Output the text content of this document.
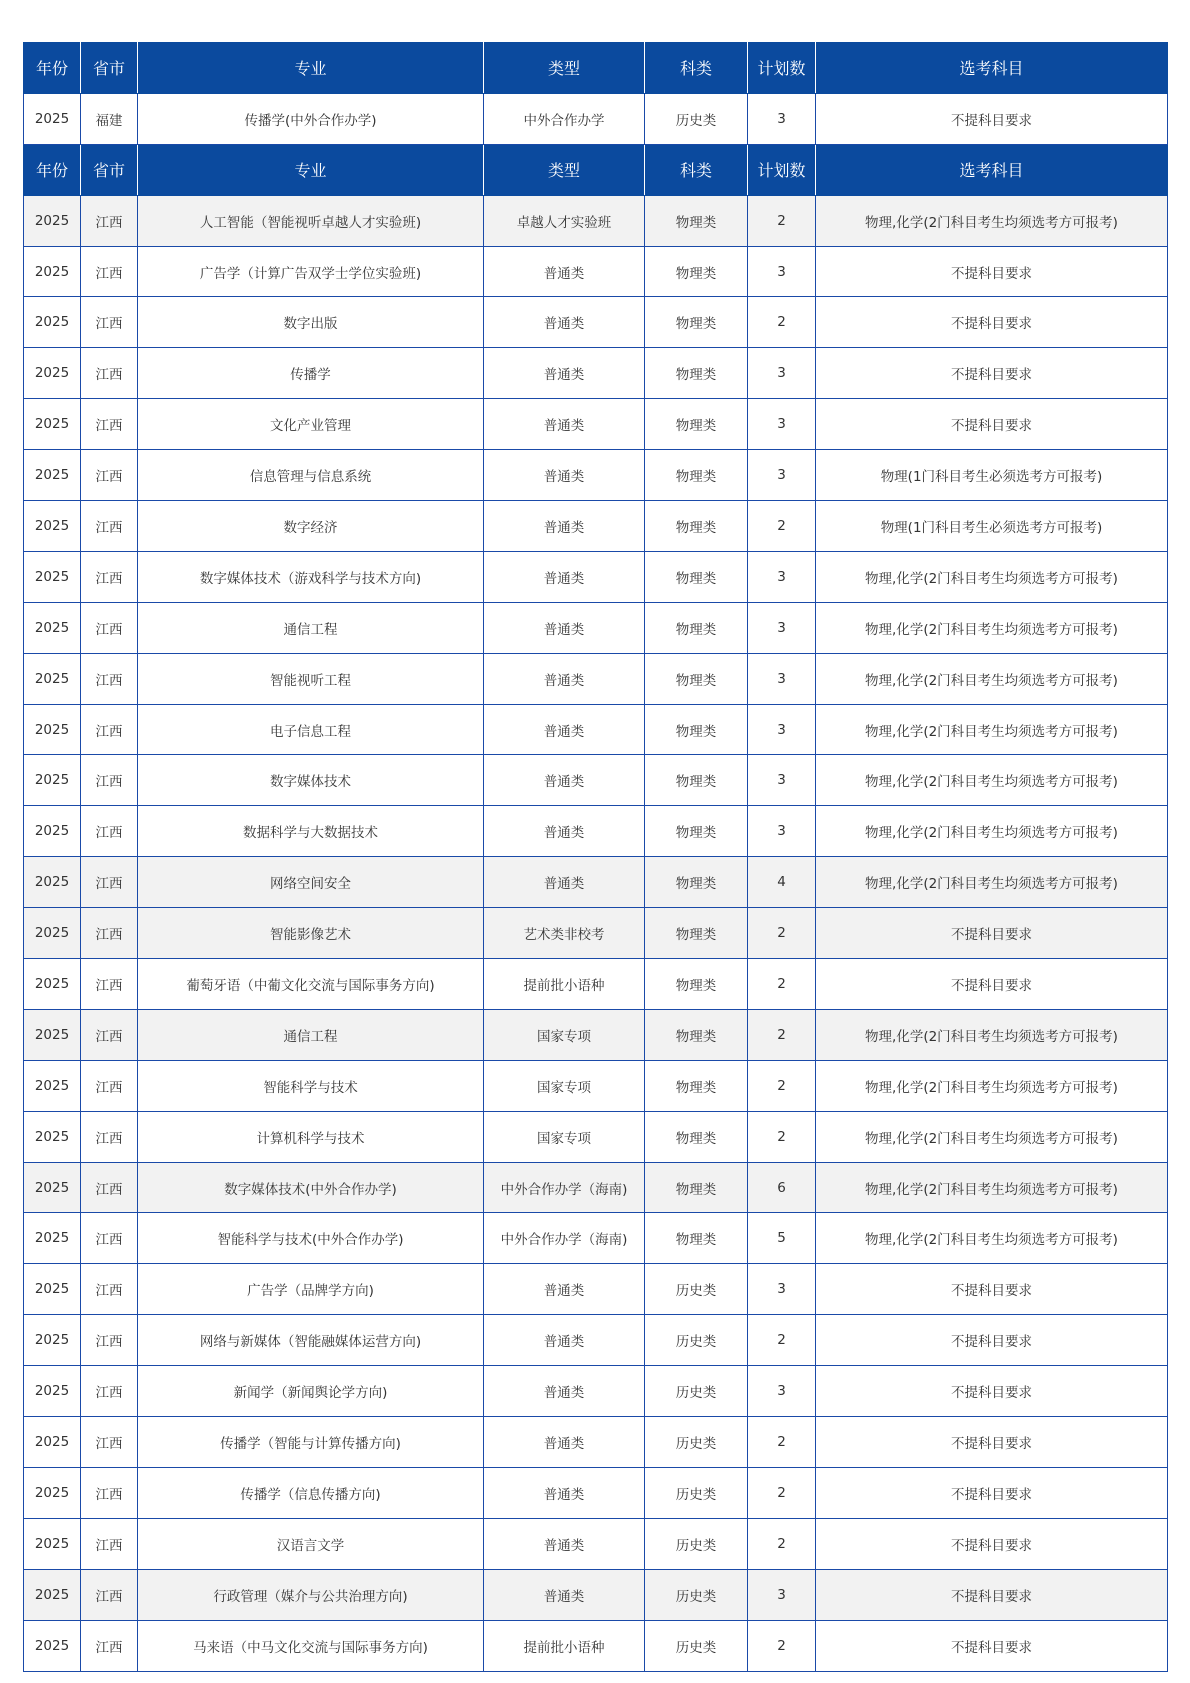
年份	省市	专业	类型	科类	计划数	选考科目
2025	福建	传播学(中外合作办学)	中外合作办学	历史类	3	不提科目要求
年份	省市	专业	类型	科类	计划数	选考科目
2025	江西	人工智能（智能视听卓越人才实验班)	卓越人才实验班	物理类	2	物理,化学(2门科目考生均须选考方可报考)
2025	江西	广告学（计算广告双学士学位实验班)	普通类	物理类	3	不提科目要求
2025	江西	数字出版	普通类	物理类	2	不提科目要求
2025	江西	传播学	普通类	物理类	3	不提科目要求
2025	江西	文化产业管理	普通类	物理类	3	不提科目要求
2025	江西	信息管理与信息系统	普通类	物理类	3	物理(1门科目考生必须选考方可报考)
2025	江西	数字经济	普通类	物理类	2	物理(1门科目考生必须选考方可报考)
2025	江西	数字媒体技术（游戏科学与技术方向)	普通类	物理类	3	物理,化学(2门科目考生均须选考方可报考)
2025	江西	通信工程	普通类	物理类	3	物理,化学(2门科目考生均须选考方可报考)
2025	江西	智能视听工程	普通类	物理类	3	物理,化学(2门科目考生均须选考方可报考)
2025	江西	电子信息工程	普通类	物理类	3	物理,化学(2门科目考生均须选考方可报考)
2025	江西	数字媒体技术	普通类	物理类	3	物理,化学(2门科目考生均须选考方可报考)
2025	江西	数据科学与大数据技术	普通类	物理类	3	物理,化学(2门科目考生均须选考方可报考)
2025	江西	网络空间安全	普通类	物理类	4	物理,化学(2门科目考生均须选考方可报考)
2025	江西	智能影像艺术	艺术类非校考	物理类	2	不提科目要求
2025	江西	葡萄牙语（中葡文化交流与国际事务方向)	提前批小语种	物理类	2	不提科目要求
2025	江西	通信工程	国家专项	物理类	2	物理,化学(2门科目考生均须选考方可报考)
2025	江西	智能科学与技术	国家专项	物理类	2	物理,化学(2门科目考生均须选考方可报考)
2025	江西	计算机科学与技术	国家专项	物理类	2	物理,化学(2门科目考生均须选考方可报考)
2025	江西	数字媒体技术(中外合作办学)	中外合作办学（海南)	物理类	6	物理,化学(2门科目考生均须选考方可报考)
2025	江西	智能科学与技术(中外合作办学)	中外合作办学（海南)	物理类	5	物理,化学(2门科目考生均须选考方可报考)
2025	江西	广告学（品牌学方向)	普通类	历史类	3	不提科目要求
2025	江西	网络与新媒体（智能融媒体运营方向)	普通类	历史类	2	不提科目要求
2025	江西	新闻学（新闻舆论学方向)	普通类	历史类	3	不提科目要求
2025	江西	传播学（智能与计算传播方向)	普通类	历史类	2	不提科目要求
2025	江西	传播学（信息传播方向)	普通类	历史类	2	不提科目要求
2025	江西	汉语言文学	普通类	历史类	2	不提科目要求
2025	江西	行政管理（媒介与公共治理方向)	普通类	历史类	3	不提科目要求
2025	江西	马来语（中马文化交流与国际事务方向)	提前批小语种	历史类	2	不提科目要求
